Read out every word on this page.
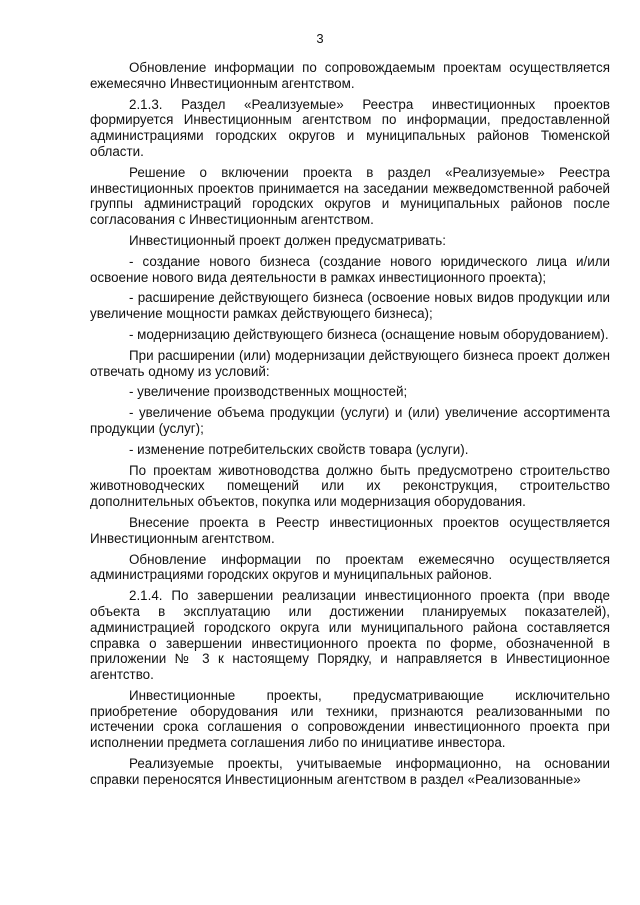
3

Обновление информации по сопровождаемым проектам осуществляется ежемесячно Инвестиционным агентством.

2.1.3. Раздел «Реализуемые» Реестра инвестиционных проектов формируется Инвестиционным агентством по информации, предоставленной администрациями городских округов и муниципальных районов Тюменской области.

Решение о включении проекта в раздел «Реализуемые» Реестра инвестиционных проектов принимается на заседании межведомственной рабочей группы администраций городских округов и муниципальных районов после согласования с Инвестиционным агентством.

Инвестиционный проект должен предусматривать:

- создание нового бизнеса (создание нового юридического лица и/или освоение нового вида деятельности в рамках инвестиционного проекта);

- расширение действующего бизнеса (освоение новых видов продукции или увеличение мощности рамках действующего бизнеса);

- модернизацию действующего бизнеса (оснащение новым оборудованием).

При расширении (или) модернизации действующего бизнеса проект должен отвечать одному из условий:

- увеличение производственных мощностей;

- увеличение объема продукции (услуги) и (или) увеличение ассортимента продукции (услуг);

- изменение потребительских свойств товара (услуги).

По проектам животноводства должно быть предусмотрено строительство животноводческих помещений или их реконструкция, строительство дополнительных объектов, покупка или модернизация оборудования.

Внесение проекта в Реестр инвестиционных проектов осуществляется Инвестиционным агентством.

Обновление информации по проектам ежемесячно осуществляется администрациями городских округов и муниципальных районов.

2.1.4. По завершении реализации инвестиционного проекта (при вводе объекта в эксплуатацию или достижении планируемых показателей), администрацией городского округа или муниципального района составляется справка о завершении инвестиционного проекта по форме, обозначенной в приложении № 3 к настоящему Порядку, и направляется в Инвестиционное агентство.

Инвестиционные проекты, предусматривающие исключительно приобретение оборудования или техники, признаются реализованными по истечении срока соглашения о сопровождении инвестиционного проекта при исполнении предмета соглашения либо по инициативе инвестора.

Реализуемые проекты, учитываемые информационно, на основании справки переносятся Инвестиционным агентством в раздел «Реализованные»
